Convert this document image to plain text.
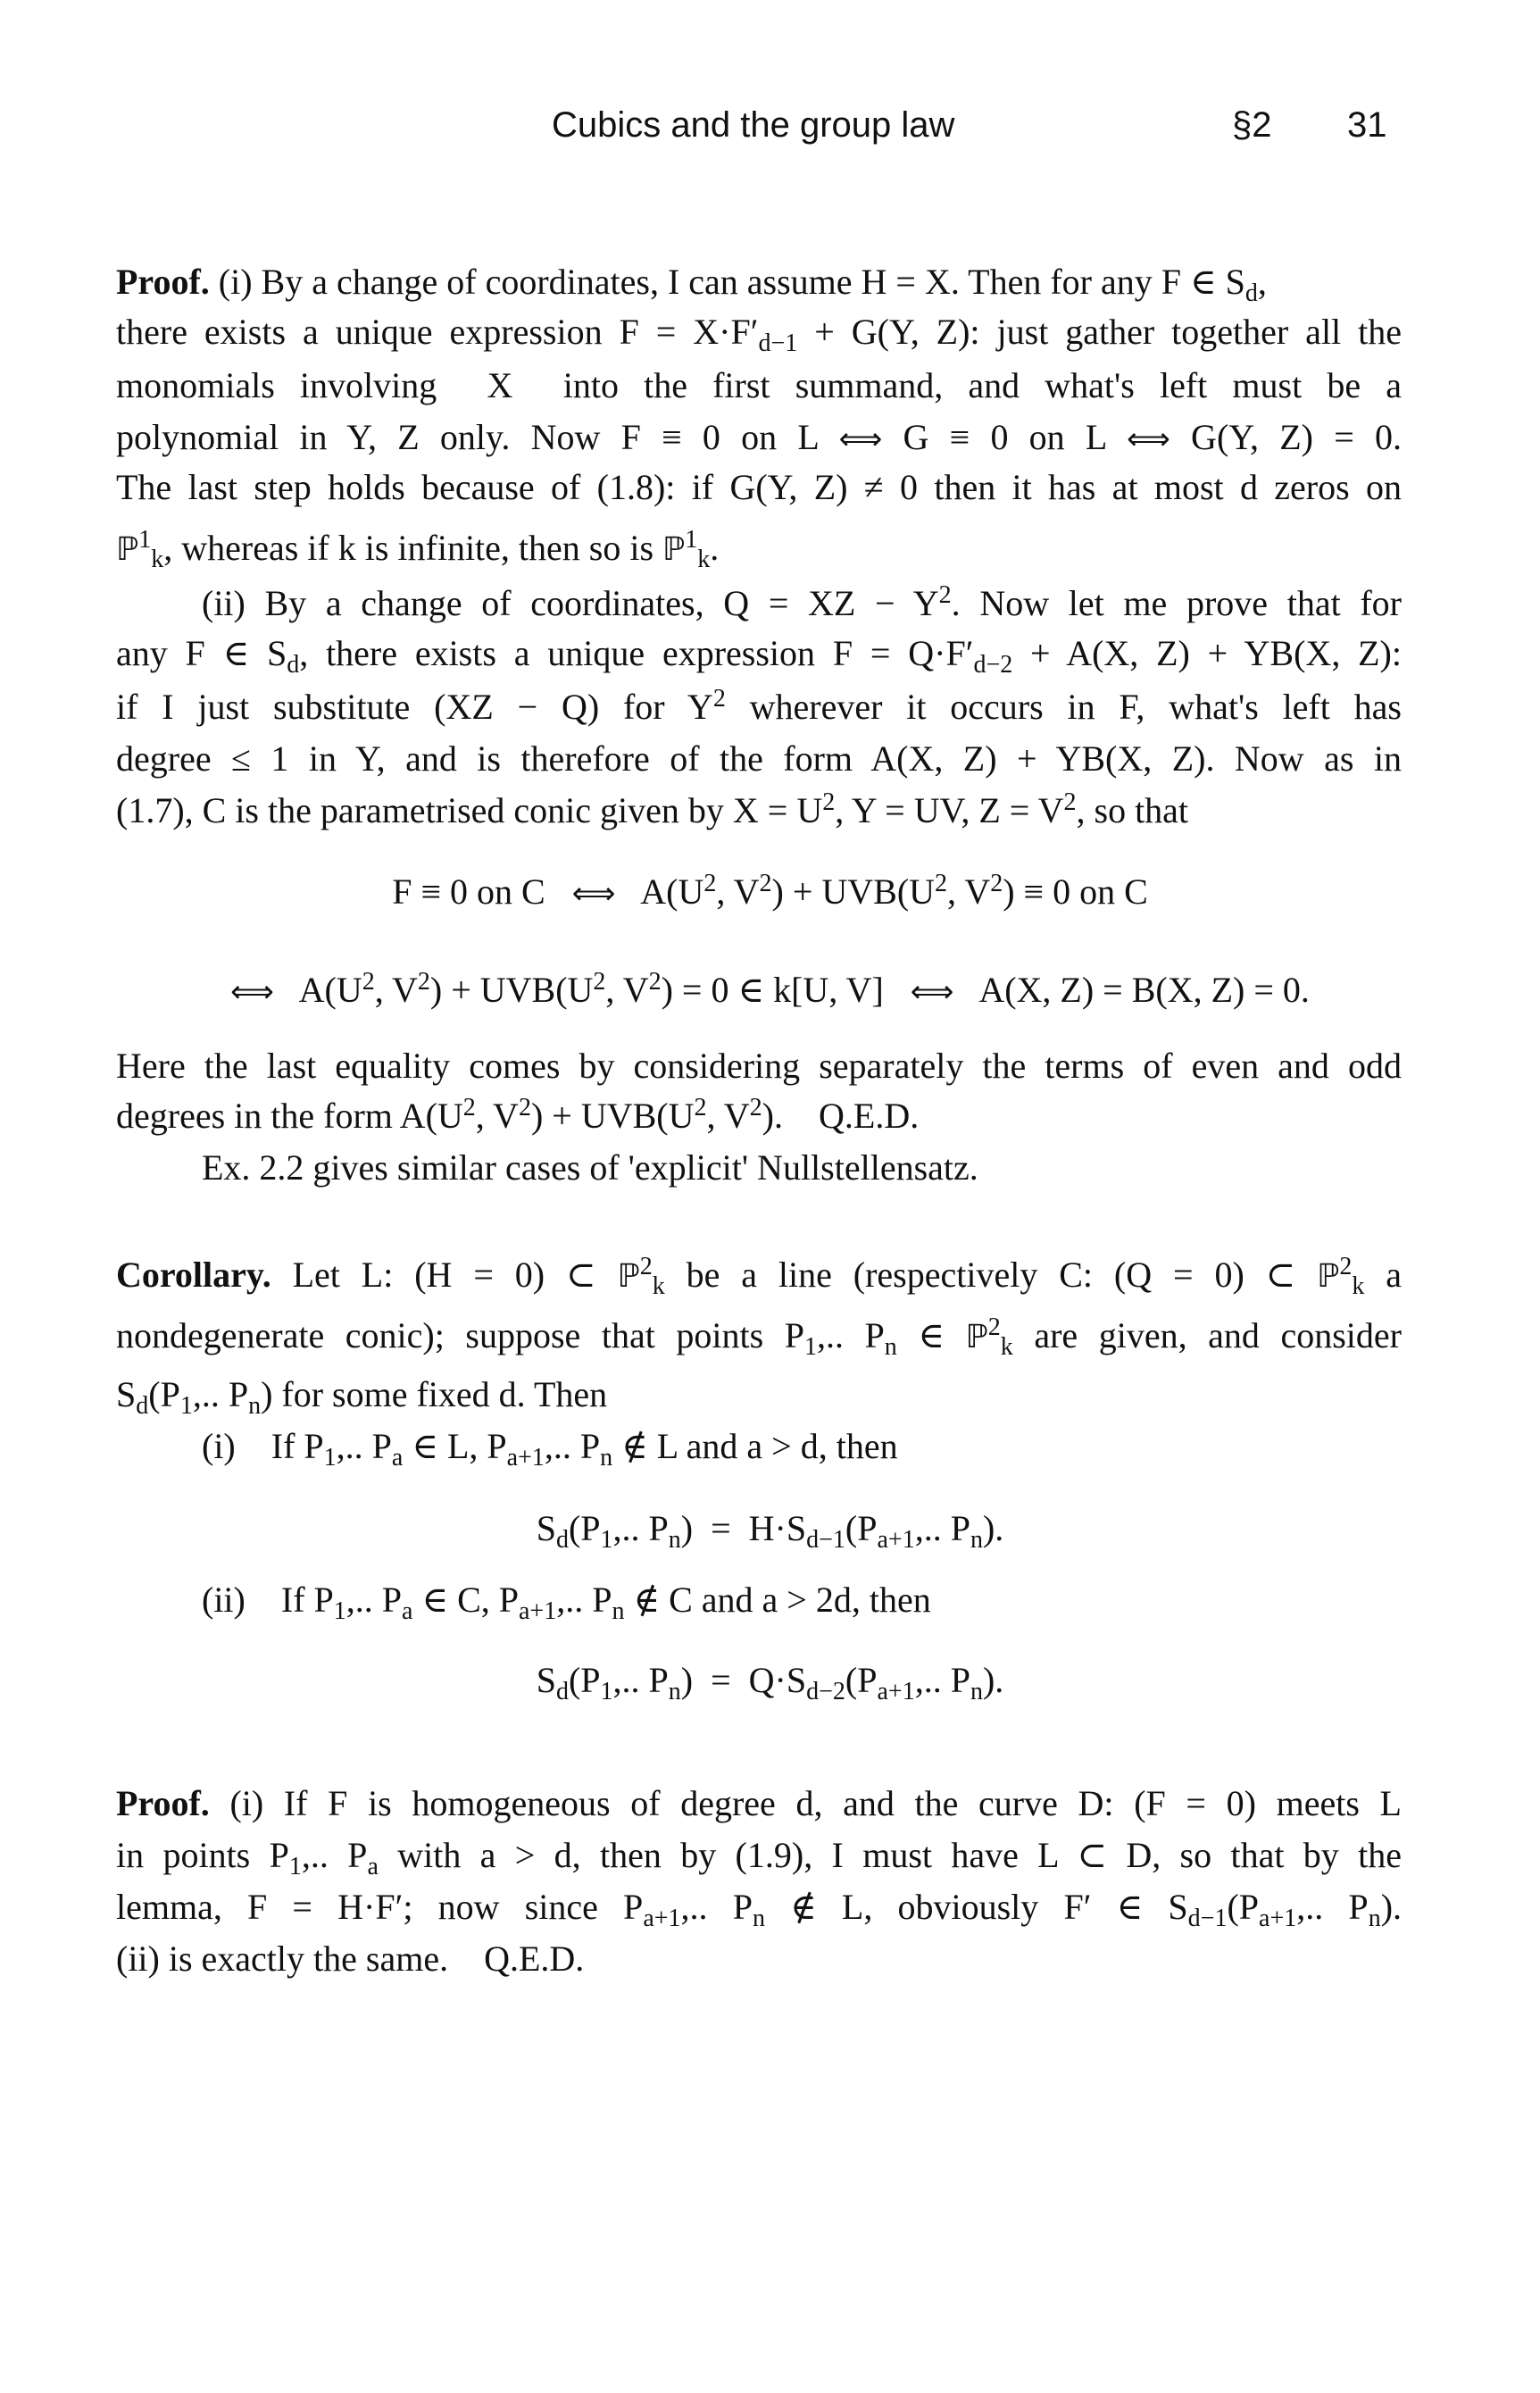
Cubics and the group law	§2 31
Proof. (i) By a change of coordinates, I can assume H = X. Then for any F ∈ $S_d$,
there exists a unique expression $F = X\cdot F'_{d-1} + G(Y$, Z): just gather together all the
monomials involving  X  into the first summand, and what's left must be a
polynomial in Y, Z only. Now F ≡ 0 on L ⟺ G ≡ 0 on L ⟺ G(Y, Z) = 0.
The last step holds because of (1.8): if G(Y, Z) ≠ 0 then it has at most d zeros on
ℙ$^1_k$, whereas if k is infinite, then so is ℙ$^1_k$.
(ii) By a change of coordinates, Q = XZ − $Y^2$. Now let me prove that for
any F ∈ $S_d$, there exists a unique expression $F = Q\cdot F'_{d-2} + A(X$, Z) + YB(X, Z):
if I just substitute (XZ − Q) for $Y^2$ wherever it occurs in F, what's left has
degree ≤ 1 in Y, and is therefore of the form A(X, Z) + YB(X, Z). Now as in
(1.7), C is the parametrised conic given by $X = U^2$, Y = UV, $Z = V^2$, so that
F ≡ 0 on C   ⟺   $A(U^2$, $V^2) + UVB(U^2$, $V^2) \equiv 0$ on C
⟺   $A(U^2$, $V^2) + UVB(U^2$, $V^2) = 0$ ∈ k[U, V]   ⟺   A(X, Z) = B(X, Z) = 0.
Here the last equality comes by considering separately the terms of even and odd
degrees in the form $A(U^2$, $V^2) + UVB(U^2$, $V^2$).    Q.E.D.
Ex. 2.2 gives similar cases of 'explicit' Nullstellensatz.
Corollary. Let L: (H = 0) ⊂ ℙ$^2_k$ be a line (respectively C: (Q = 0) ⊂ ℙ$^2_k$ a
nondegenerate conic); suppose that points $P_1$,.. $P_n$ ∈ ℙ$^2_k$ are given, and consider
$S_d(P_1$,.. $P_n$) for some fixed d. Then
(i)    If $P_1$,.. $P_a$ ∈ L, $P_{a+1}$,.. $P_n$ ∉ L and a > d, then
$S_d(P_1$,.. $P_n) = H\cdot S_{d-1}(P_{a+1}$,.. $P_n$).
(ii)    If $P_1$,.. $P_a$ ∈ C, $P_{a+1}$,.. $P_n$ ∉ C and a > 2d, then
$S_d(P_1$,.. $P_n) = Q\cdot S_{d-2}(P_{a+1}$,.. $P_n$).
Proof. (i) If F is homogeneous of degree d, and the curve D: (F = 0) meets L
in points $P_1$,.. $P_a$ with a > d, then by (1.9), I must have L ⊂ D, so that by the
lemma, F = H·F′; now since $P_{a+1}$,.. $P_n$ ∉ L, obviously F′ ∈ $S_{d-1}(P_{a+1}$,.. $P_n$).
(ii) is exactly the same.    Q.E.D.
